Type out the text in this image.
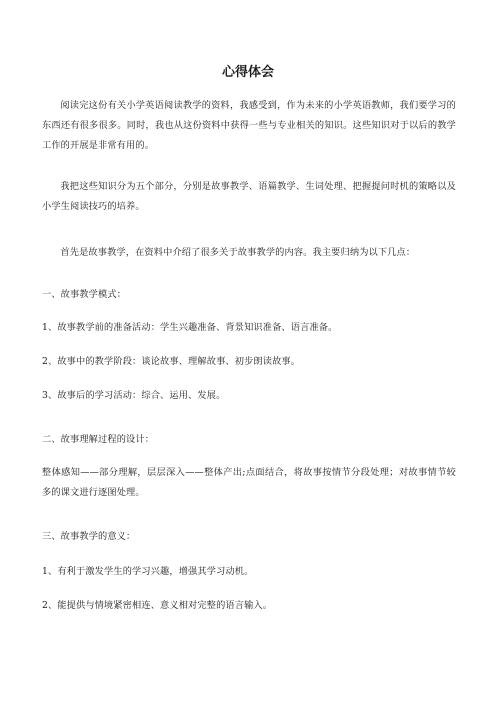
心得体会

阅读完这份有关小学英语阅读教学的资料，我感受到，作为未来的小学英语教师，我们要学习的东西还有很多很多。同时，我也从这份资料中获得一些与专业相关的知识。这些知识对于以后的教学工作的开展是非常有用的。

我把这些知识分为五个部分，分别是故事教学、语篇教学、生词处理、把握提问时机的策略以及小学生阅读技巧的培养。

首先是故事教学，在资料中介绍了很多关于故事教学的内容。我主要归纳为以下几点：

一、故事教学模式：

1、故事教学前的准备活动：学生兴趣准备、背景知识准备、语言准备。

2、故事中的教学阶段：谈论故事、理解故事、初步朗读故事。

3、故事后的学习活动：综合、运用、发展。

二、故事理解过程的设计：

整体感知——部分理解，层层深入——整体产出;点面结合，将故事按情节分段处理；对故事情节较多的课文进行逐图处理。

三、故事教学的意义：

1、有利于激发学生的学习兴趣，增强其学习动机。

2、能提供与情境紧密相连、意义相对完整的语言输入。
